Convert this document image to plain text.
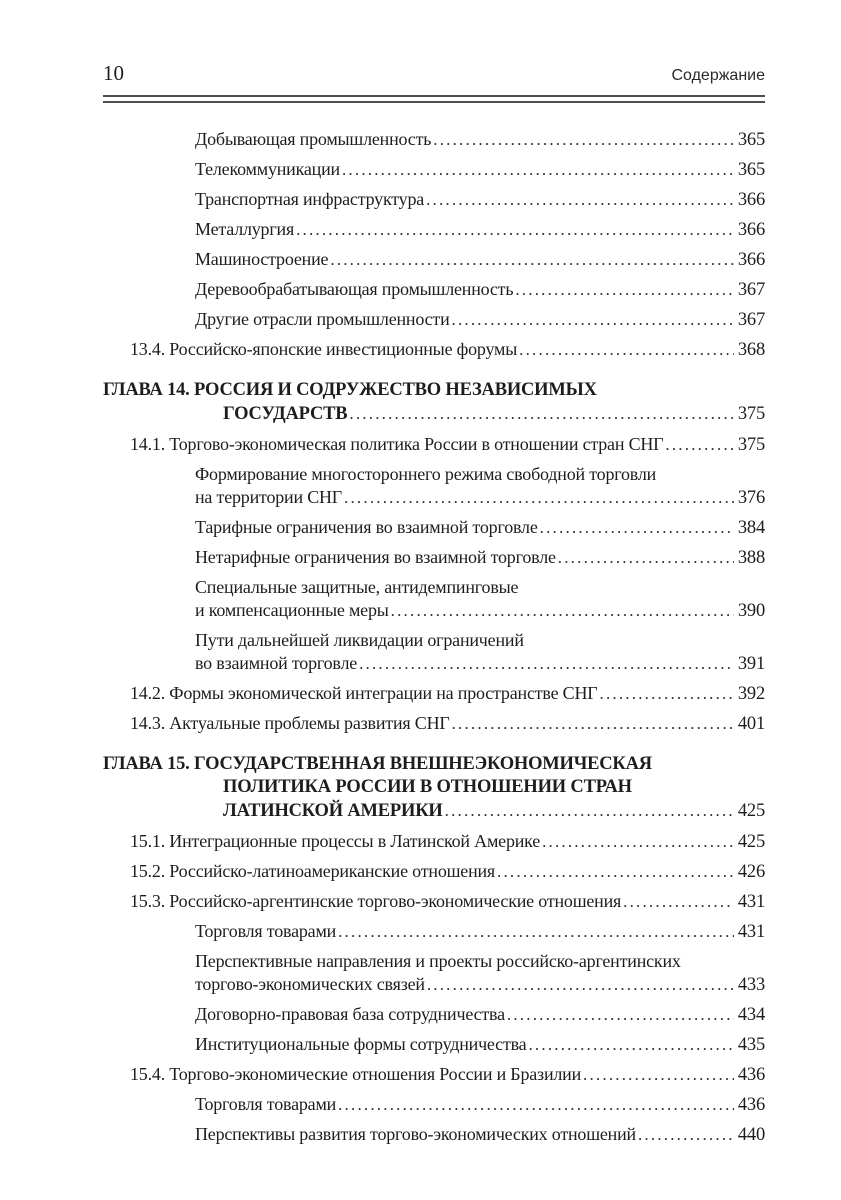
10	Содержание
Добывающая промышленность .....	365
Телекоммуникации .....	365
Транспортная инфраструктура .....	366
Металлургия .....	366
Машиностроение .....	366
Деревообрабатывающая промышленность .....	367
Другие отрасли промышленности .....	367
13.4. Российско-японские инвестиционные форумы .....	368
ГЛАВА 14. РОССИЯ И СОДРУЖЕСТВО НЕЗАВИСИМЫХ
ГОСУДАРСТВ .....	375
14.1. Торгово-экономическая политика России в отношении стран СНГ .....	375
Формирование многостороннего режима свободной торговли
на территории СНГ .....	376
Тарифные ограничения во взаимной торговле .....	384
Нетарифные ограничения во взаимной торговле .....	388
Специальные защитные, антидемпинговые
и компенсационные меры .....	390
Пути дальнейшей ликвидации ограничений
во взаимной торговле .....	391
14.2. Формы экономической интеграции на пространстве СНГ .....	392
14.3. Актуальные проблемы развития СНГ .....	401
ГЛАВА 15. ГОСУДАРСТВЕННАЯ ВНЕШНЕЭКОНОМИЧЕСКАЯ
ПОЛИТИКА РОССИИ В ОТНОШЕНИИ СТРАН
ЛАТИНСКОЙ АМЕРИКИ .....	425
15.1. Интеграционные процессы в Латинской Америке .....	425
15.2. Российско-латиноамериканские отношения .....	426
15.3. Российско-аргентинские торгово-экономические отношения .....	431
Торговля товарами .....	431
Перспективные направления и проекты российско-аргентинских
торгово-экономических связей .....	433
Договорно-правовая база сотрудничества .....	434
Институциональные формы сотрудничества .....	435
15.4. Торгово-экономические отношения России и Бразилии .....	436
Торговля товарами .....	436
Перспективы развития торгово-экономических отношений .....	440
